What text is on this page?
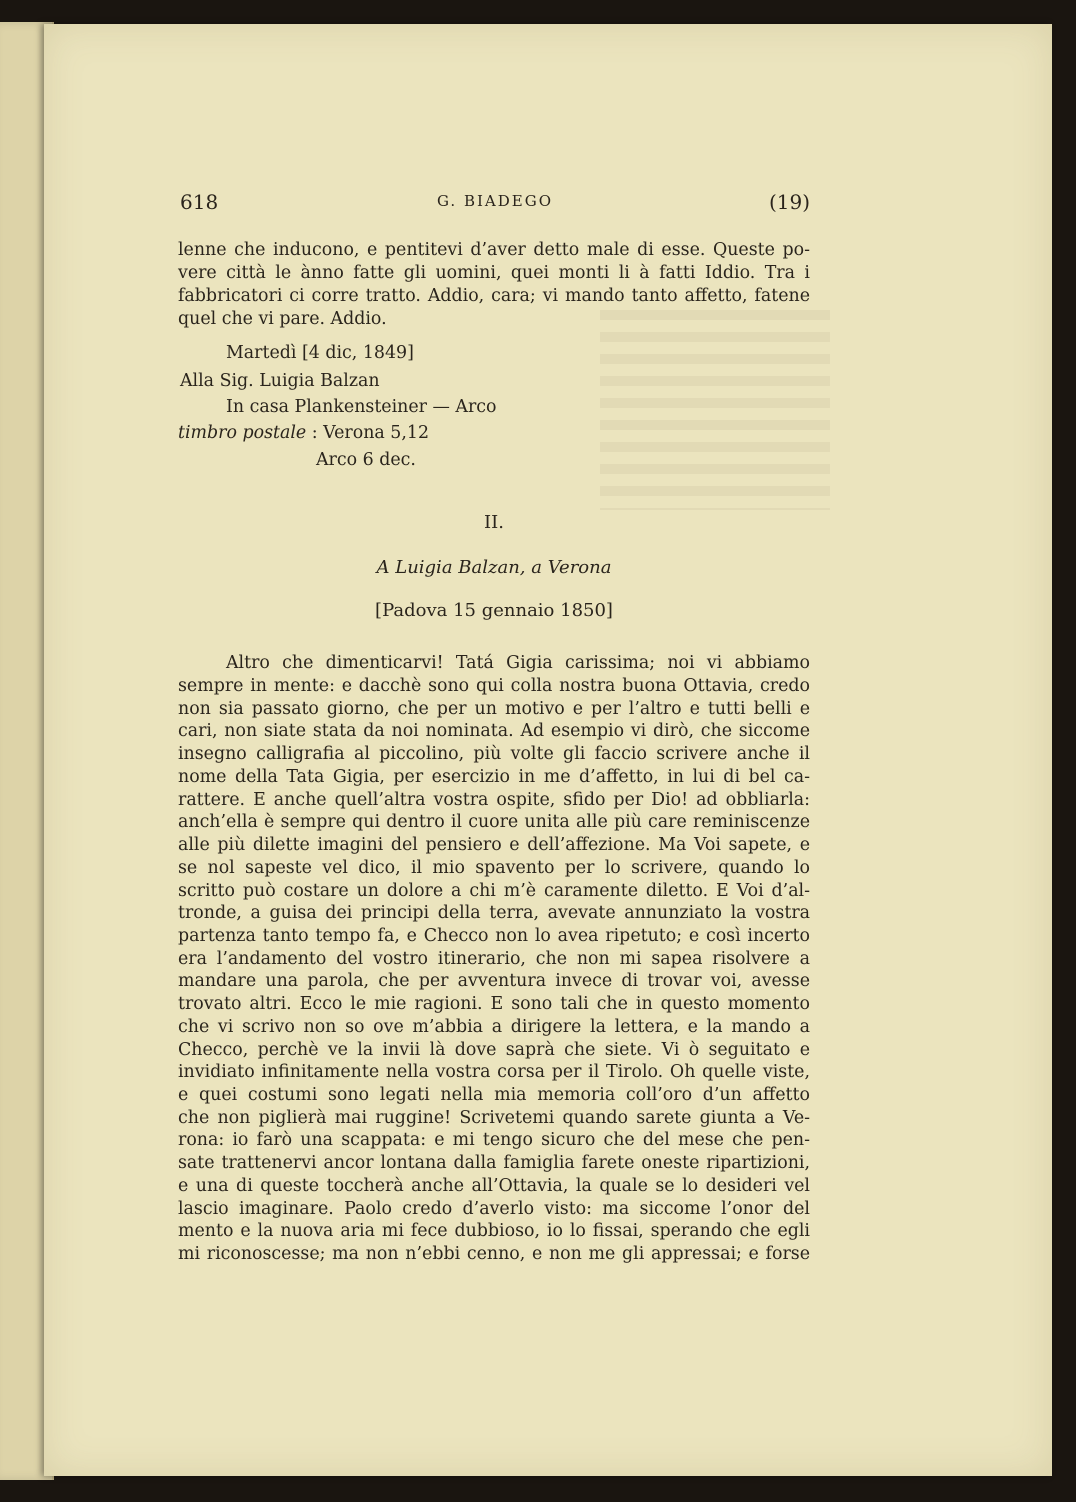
618	G. BIADEGO	(19)
lenne che inducono, e pentitevi d’aver detto male di esse. Queste po-
vere città le ànno fatte gli uomini, quei monti li à fatti Iddio. Tra i
fabbricatori ci corre tratto. Addio, cara; vi mando tanto affetto, fatene
quel che vi pare. Addio.
Martedì [4 dic, 1849]
Alla Sig. Luigia Balzan
In casa Plankensteiner — Arco
timbro postale : Verona 5,12
Arco 6 dec.
II.
A Luigia Balzan, a Verona
[Padova 15 gennaio 1850]
Altro che dimenticarvi! Tatá Gigia carissima; noi vi abbiamo
sempre in mente: e dacchè sono qui colla nostra buona Ottavia, credo
non sia passato giorno, che per un motivo e per l’altro e tutti belli e
cari, non siate stata da noi nominata. Ad esempio vi dirò, che siccome
insegno calligrafia al piccolino, più volte gli faccio scrivere anche il
nome della Tata Gigia, per esercizio in me d’affetto, in lui di bel ca-
rattere. E anche quell’altra vostra ospite, sfido per Dio! ad obbliarla:
anch’ella è sempre qui dentro il cuore unita alle più care reminiscenze
alle più dilette imagini del pensiero e dell’affezione. Ma Voi sapete, e
se nol sapeste vel dico, il mio spavento per lo scrivere, quando lo
scritto può costare un dolore a chi m’è caramente diletto. E Voi d’al-
tronde, a guisa dei principi della terra, avevate annunziato la vostra
partenza tanto tempo fa, e Checco non lo avea ripetuto; e così incerto
era l’andamento del vostro itinerario, che non mi sapea risolvere a
mandare una parola, che per avventura invece di trovar voi, avesse
trovato altri. Ecco le mie ragioni. E sono tali che in questo momento
che vi scrivo non so ove m’abbia a dirigere la lettera, e la mando a
Checco, perchè ve la invii là dove saprà che siete. Vi ò seguitato e
invidiato infinitamente nella vostra corsa per il Tirolo. Oh quelle viste,
e quei costumi sono legati nella mia memoria coll’oro d’un affetto
che non piglierà mai ruggine! Scrivetemi quando sarete giunta a Ve-
rona: io farò una scappata: e mi tengo sicuro che del mese che pen-
sate trattenervi ancor lontana dalla famiglia farete oneste ripartizioni,
e una di queste toccherà anche all’Ottavia, la quale se lo desideri vel
lascio imaginare. Paolo credo d’averlo visto: ma siccome l’onor del
mento e la nuova aria mi fece dubbioso, io lo fissai, sperando che egli
mi riconoscesse; ma non n’ebbi cenno, e non me gli appressai; e forse
